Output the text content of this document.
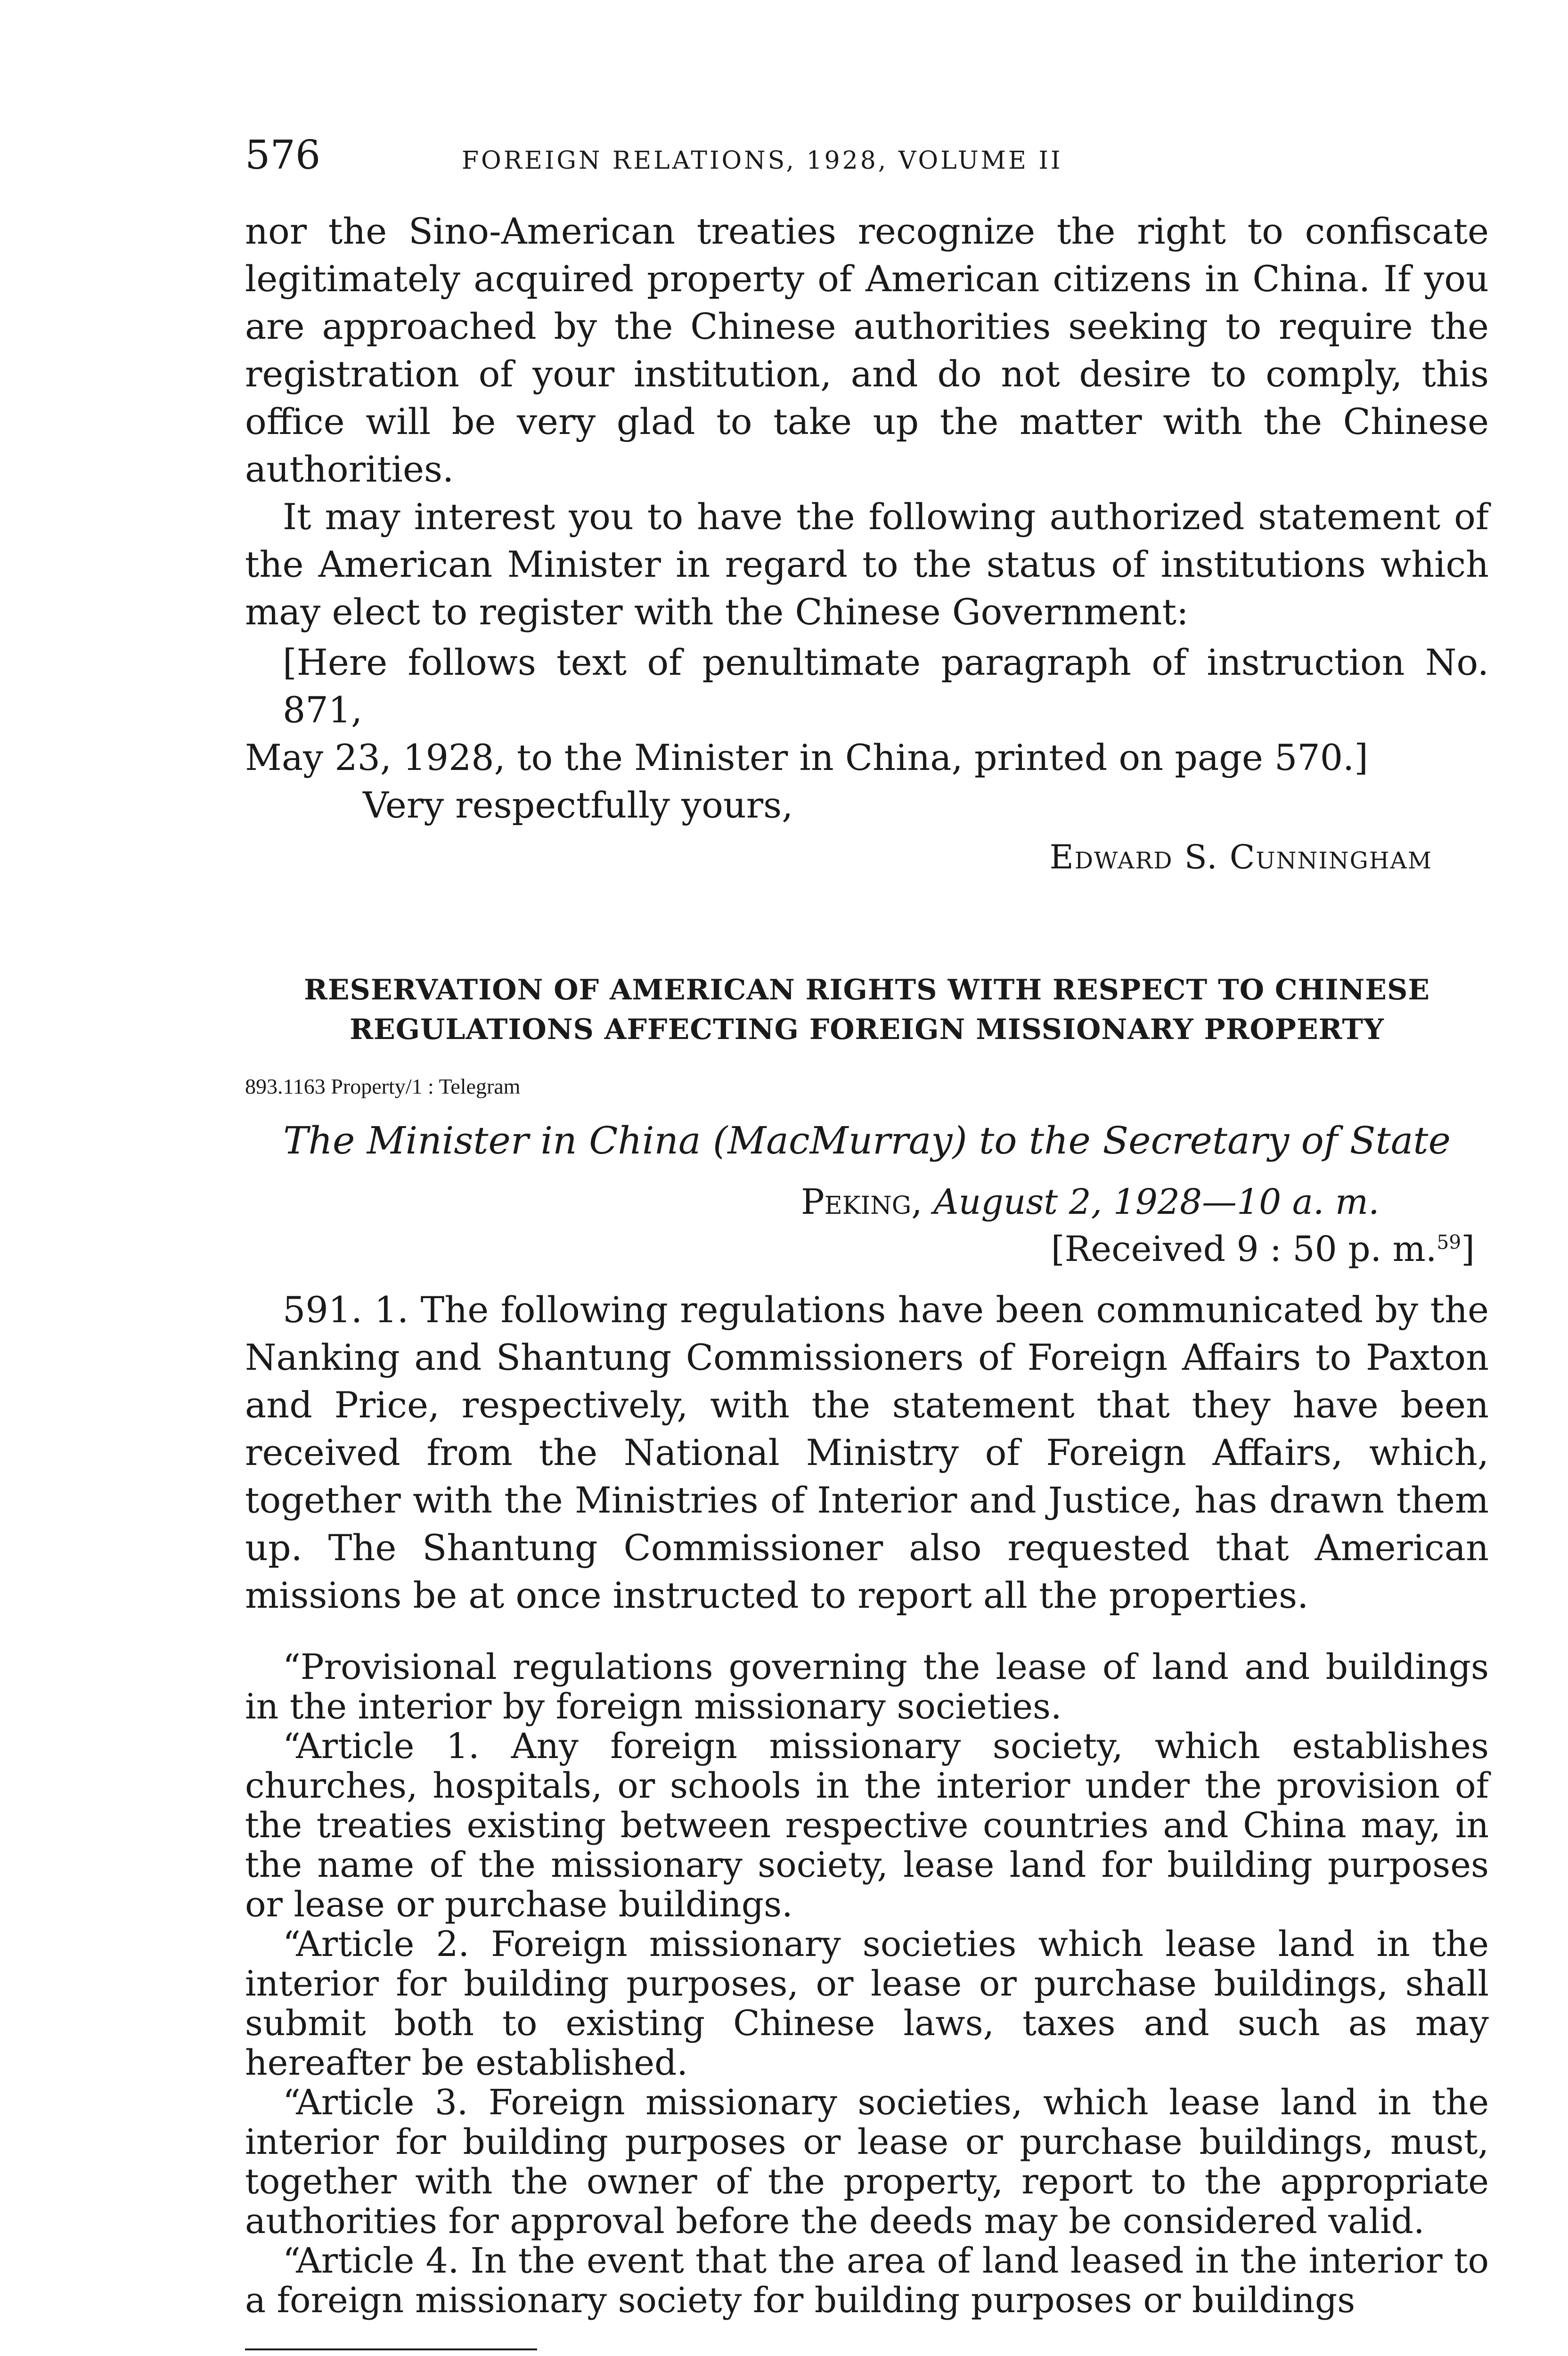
576	FOREIGN RELATIONS, 1928, VOLUME II

nor the Sino-American treaties recognize the right to confiscate legitimately acquired property of American citizens in China. If you are approached by the Chinese authorities seeking to require the registration of your institution, and do not desire to comply, this office will be very glad to take up the matter with the Chinese authorities.

It may interest you to have the following authorized statement of the American Minister in regard to the status of institutions which may elect to register with the Chinese Government:

[Here follows text of penultimate paragraph of instruction No. 871,
May 23, 1928, to the Minister in China, printed on page 570.]

Very respectfully yours,
Edward S. Cunningham
RESERVATION OF AMERICAN RIGHTS WITH RESPECT TO CHINESE
REGULATIONS AFFECTING FOREIGN MISSIONARY PROPERTY
893.1163 Property/1 : Telegram
The Minister in China (MacMurray) to the Secretary of State
Peking, August 2, 1928—10 a. m.
[Received 9 : 50 p. m.$^{59}$]

591. 1. The following regulations have been communicated by the Nanking and Shantung Commissioners of Foreign Affairs to Paxton and Price, respectively, with the statement that they have been received from the National Ministry of Foreign Affairs, which, together with the Ministries of Interior and Justice, has drawn them up. The Shantung Commissioner also requested that American missions be at once instructed to report all the properties.

“Provisional regulations governing the lease of land and buildings in the interior by foreign missionary societies.

“Article 1. Any foreign missionary society, which establishes churches, hospitals, or schools in the interior under the provision of the treaties existing between respective countries and China may, in the name of the missionary society, lease land for building purposes or lease or purchase buildings.

“Article 2. Foreign missionary societies which lease land in the interior for building purposes, or lease or purchase buildings, shall submit both to existing Chinese laws, taxes and such as may hereafter be established.

“Article 3. Foreign missionary societies, which lease land in the interior for building purposes or lease or purchase buildings, must, together with the owner of the property, report to the appropriate authorities for approval before the deeds may be considered valid.

“Article 4. In the event that the area of land leased in the interior to a foreign missionary society for building purposes or buildings
